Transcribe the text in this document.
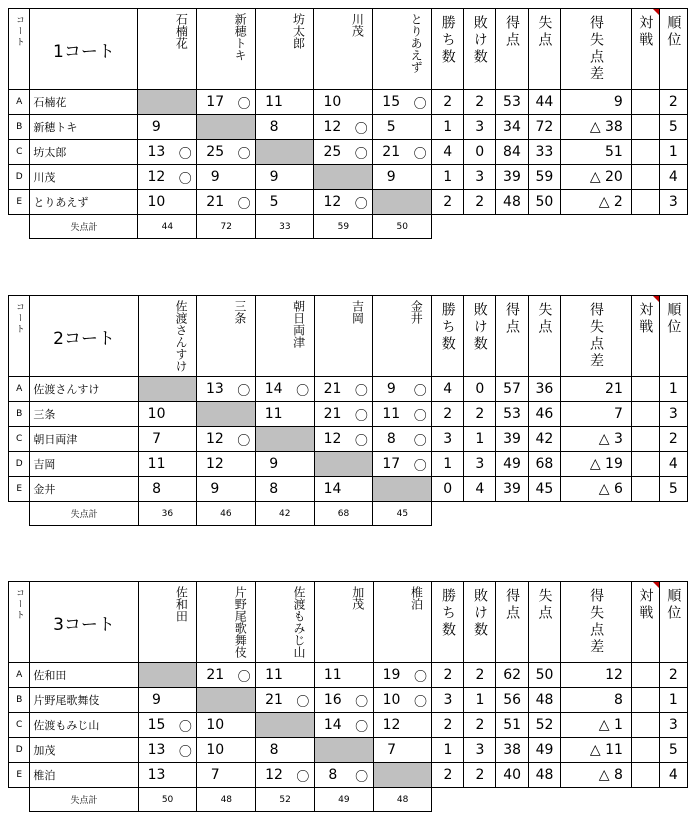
コート	1コート	石楠花		新穂トキ		坊太郎		川茂		とりあえず		勝ち数	敗け数	得点	失点	得失点差	対戦	順位

A	石楠花			17	〇	11		10		15	〇	2	2	53	44	9		2
B	新穂トキ	9				8		12	〇	5		1	3	34	72	△ 38		5
C	坊太郎	13	〇	25	〇			25	〇	21	〇	4	0	84	33	51		1
D	川茂	12	〇	9		9				9		1	3	39	59	△ 20		4
E	とりあえず	10		21	〇	5		12	〇			2	2	48	50	△ 2		3
	失点計	44		72		33		59		50								
コート	2コート	佐渡さんすけ		三条		朝日両津		吉岡		金井		勝ち数	敗け数	得点	失点	得失点差	対戦	順位

A	佐渡さんすけ			13	〇	14	〇	21	〇	9	〇	4	0	57	36	21		1
B	三条	10				11		21	〇	11	〇	2	2	53	46	7		3
C	朝日両津	7		12	〇			12	〇	8	〇	3	1	39	42	△ 3		2
D	吉岡	11		12		9				17	〇	1	3	49	68	△ 19		4
E	金井	8		9		8		14				0	4	39	45	△ 6		5
	失点計	36		46		42		68		45								
コート	3コート	佐和田		片野尾歌舞伎		佐渡もみじ山		加茂		椎泊		勝ち数	敗け数	得点	失点	得失点差	対戦	順位

A	佐和田			21	〇	11		11		19	〇	2	2	62	50	12		2
B	片野尾歌舞伎	9				21	〇	16	〇	10	〇	3	1	56	48	8		1
C	佐渡もみじ山	15	〇	10				14	〇	12		2	2	51	52	△ 1		3
D	加茂	13	〇	10		8				7		1	3	38	49	△ 11		5
E	椎泊	13		7		12	〇	8	〇			2	2	40	48	△ 8		4
	失点計	50		48		52		49		48								
